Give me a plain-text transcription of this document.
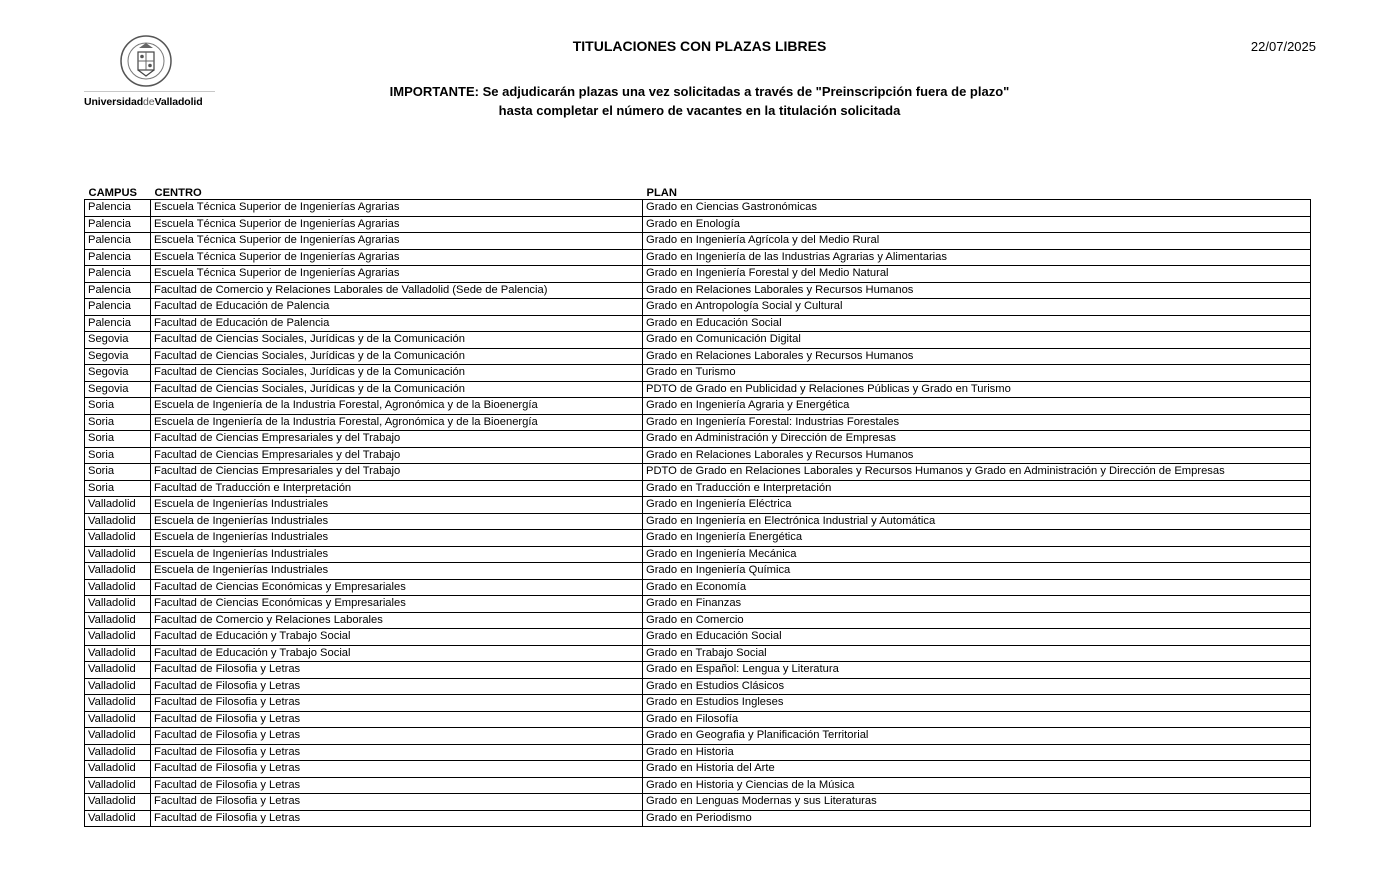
UniversidaddeValladolid
TITULACIONES CON PLAZAS LIBRES	22/07/2025
IMPORTANTE: Se adjudicarán plazas una vez solicitadas a través de "Preinscripción fuera de plazo"
hasta completar el número de vacantes en la titulación solicitada
CAMPUS	CENTRO	PLAN
Palencia	Escuela Técnica Superior de Ingenierías Agrarias	Grado en Ciencias Gastronómicas
Palencia	Escuela Técnica Superior de Ingenierías Agrarias	Grado en Enología
Palencia	Escuela Técnica Superior de Ingenierías Agrarias	Grado en Ingeniería Agrícola y del Medio Rural
Palencia	Escuela Técnica Superior de Ingenierías Agrarias	Grado en Ingeniería de las Industrias Agrarias y Alimentarias
Palencia	Escuela Técnica Superior de Ingenierías Agrarias	Grado en Ingeniería Forestal y del Medio Natural
Palencia	Facultad de Comercio y Relaciones Laborales de Valladolid (Sede de Palencia)	Grado en Relaciones Laborales y Recursos Humanos
Palencia	Facultad de Educación de Palencia	Grado en Antropología Social y Cultural
Palencia	Facultad de Educación de Palencia	Grado en Educación Social
Segovia	Facultad de Ciencias Sociales, Jurídicas y de la Comunicación	Grado en Comunicación Digital
Segovia	Facultad de Ciencias Sociales, Jurídicas y de la Comunicación	Grado en Relaciones Laborales y Recursos Humanos
Segovia	Facultad de Ciencias Sociales, Jurídicas y de la Comunicación	Grado en Turismo
Segovia	Facultad de Ciencias Sociales, Jurídicas y de la Comunicación	PDTO de Grado en Publicidad y Relaciones Públicas y Grado en Turismo
Soria	Escuela de Ingeniería de la Industria Forestal, Agronómica y de la Bioenergía	Grado en Ingeniería Agraria y Energética
Soria	Escuela de Ingeniería de la Industria Forestal, Agronómica y de la Bioenergía	Grado en Ingeniería Forestal: Industrias Forestales
Soria	Facultad de Ciencias Empresariales y del Trabajo	Grado en Administración y Dirección de Empresas
Soria	Facultad de Ciencias Empresariales y del Trabajo	Grado en Relaciones Laborales y Recursos Humanos
Soria	Facultad de Ciencias Empresariales y del Trabajo	PDTO de Grado en Relaciones Laborales y Recursos Humanos y Grado en Administración y Dirección de Empresas
Soria	Facultad de Traducción e Interpretación	Grado en Traducción e Interpretación
Valladolid	Escuela de Ingenierías Industriales	Grado en Ingeniería Eléctrica
Valladolid	Escuela de Ingenierías Industriales	Grado en Ingeniería en Electrónica Industrial y Automática
Valladolid	Escuela de Ingenierías Industriales	Grado en Ingeniería Energética
Valladolid	Escuela de Ingenierías Industriales	Grado en Ingeniería Mecánica
Valladolid	Escuela de Ingenierías Industriales	Grado en Ingeniería Química
Valladolid	Facultad de Ciencias Económicas y Empresariales	Grado en Economía
Valladolid	Facultad de Ciencias Económicas y Empresariales	Grado en Finanzas
Valladolid	Facultad de Comercio y Relaciones Laborales	Grado en Comercio
Valladolid	Facultad de Educación y Trabajo Social	Grado en Educación Social
Valladolid	Facultad de Educación y Trabajo Social	Grado en Trabajo Social
Valladolid	Facultad de Filosofia y Letras	Grado en Español: Lengua y Literatura
Valladolid	Facultad de Filosofia y Letras	Grado en Estudios Clásicos
Valladolid	Facultad de Filosofia y Letras	Grado en Estudios Ingleses
Valladolid	Facultad de Filosofia y Letras	Grado en Filosofía
Valladolid	Facultad de Filosofia y Letras	Grado en Geografia y Planificación Territorial
Valladolid	Facultad de Filosofia y Letras	Grado en Historia
Valladolid	Facultad de Filosofia y Letras	Grado en Historia del Arte
Valladolid	Facultad de Filosofia y Letras	Grado en Historia y Ciencias de la Música
Valladolid	Facultad de Filosofia y Letras	Grado en Lenguas Modernas y sus Literaturas
Valladolid	Facultad de Filosofia y Letras	Grado en Periodismo
